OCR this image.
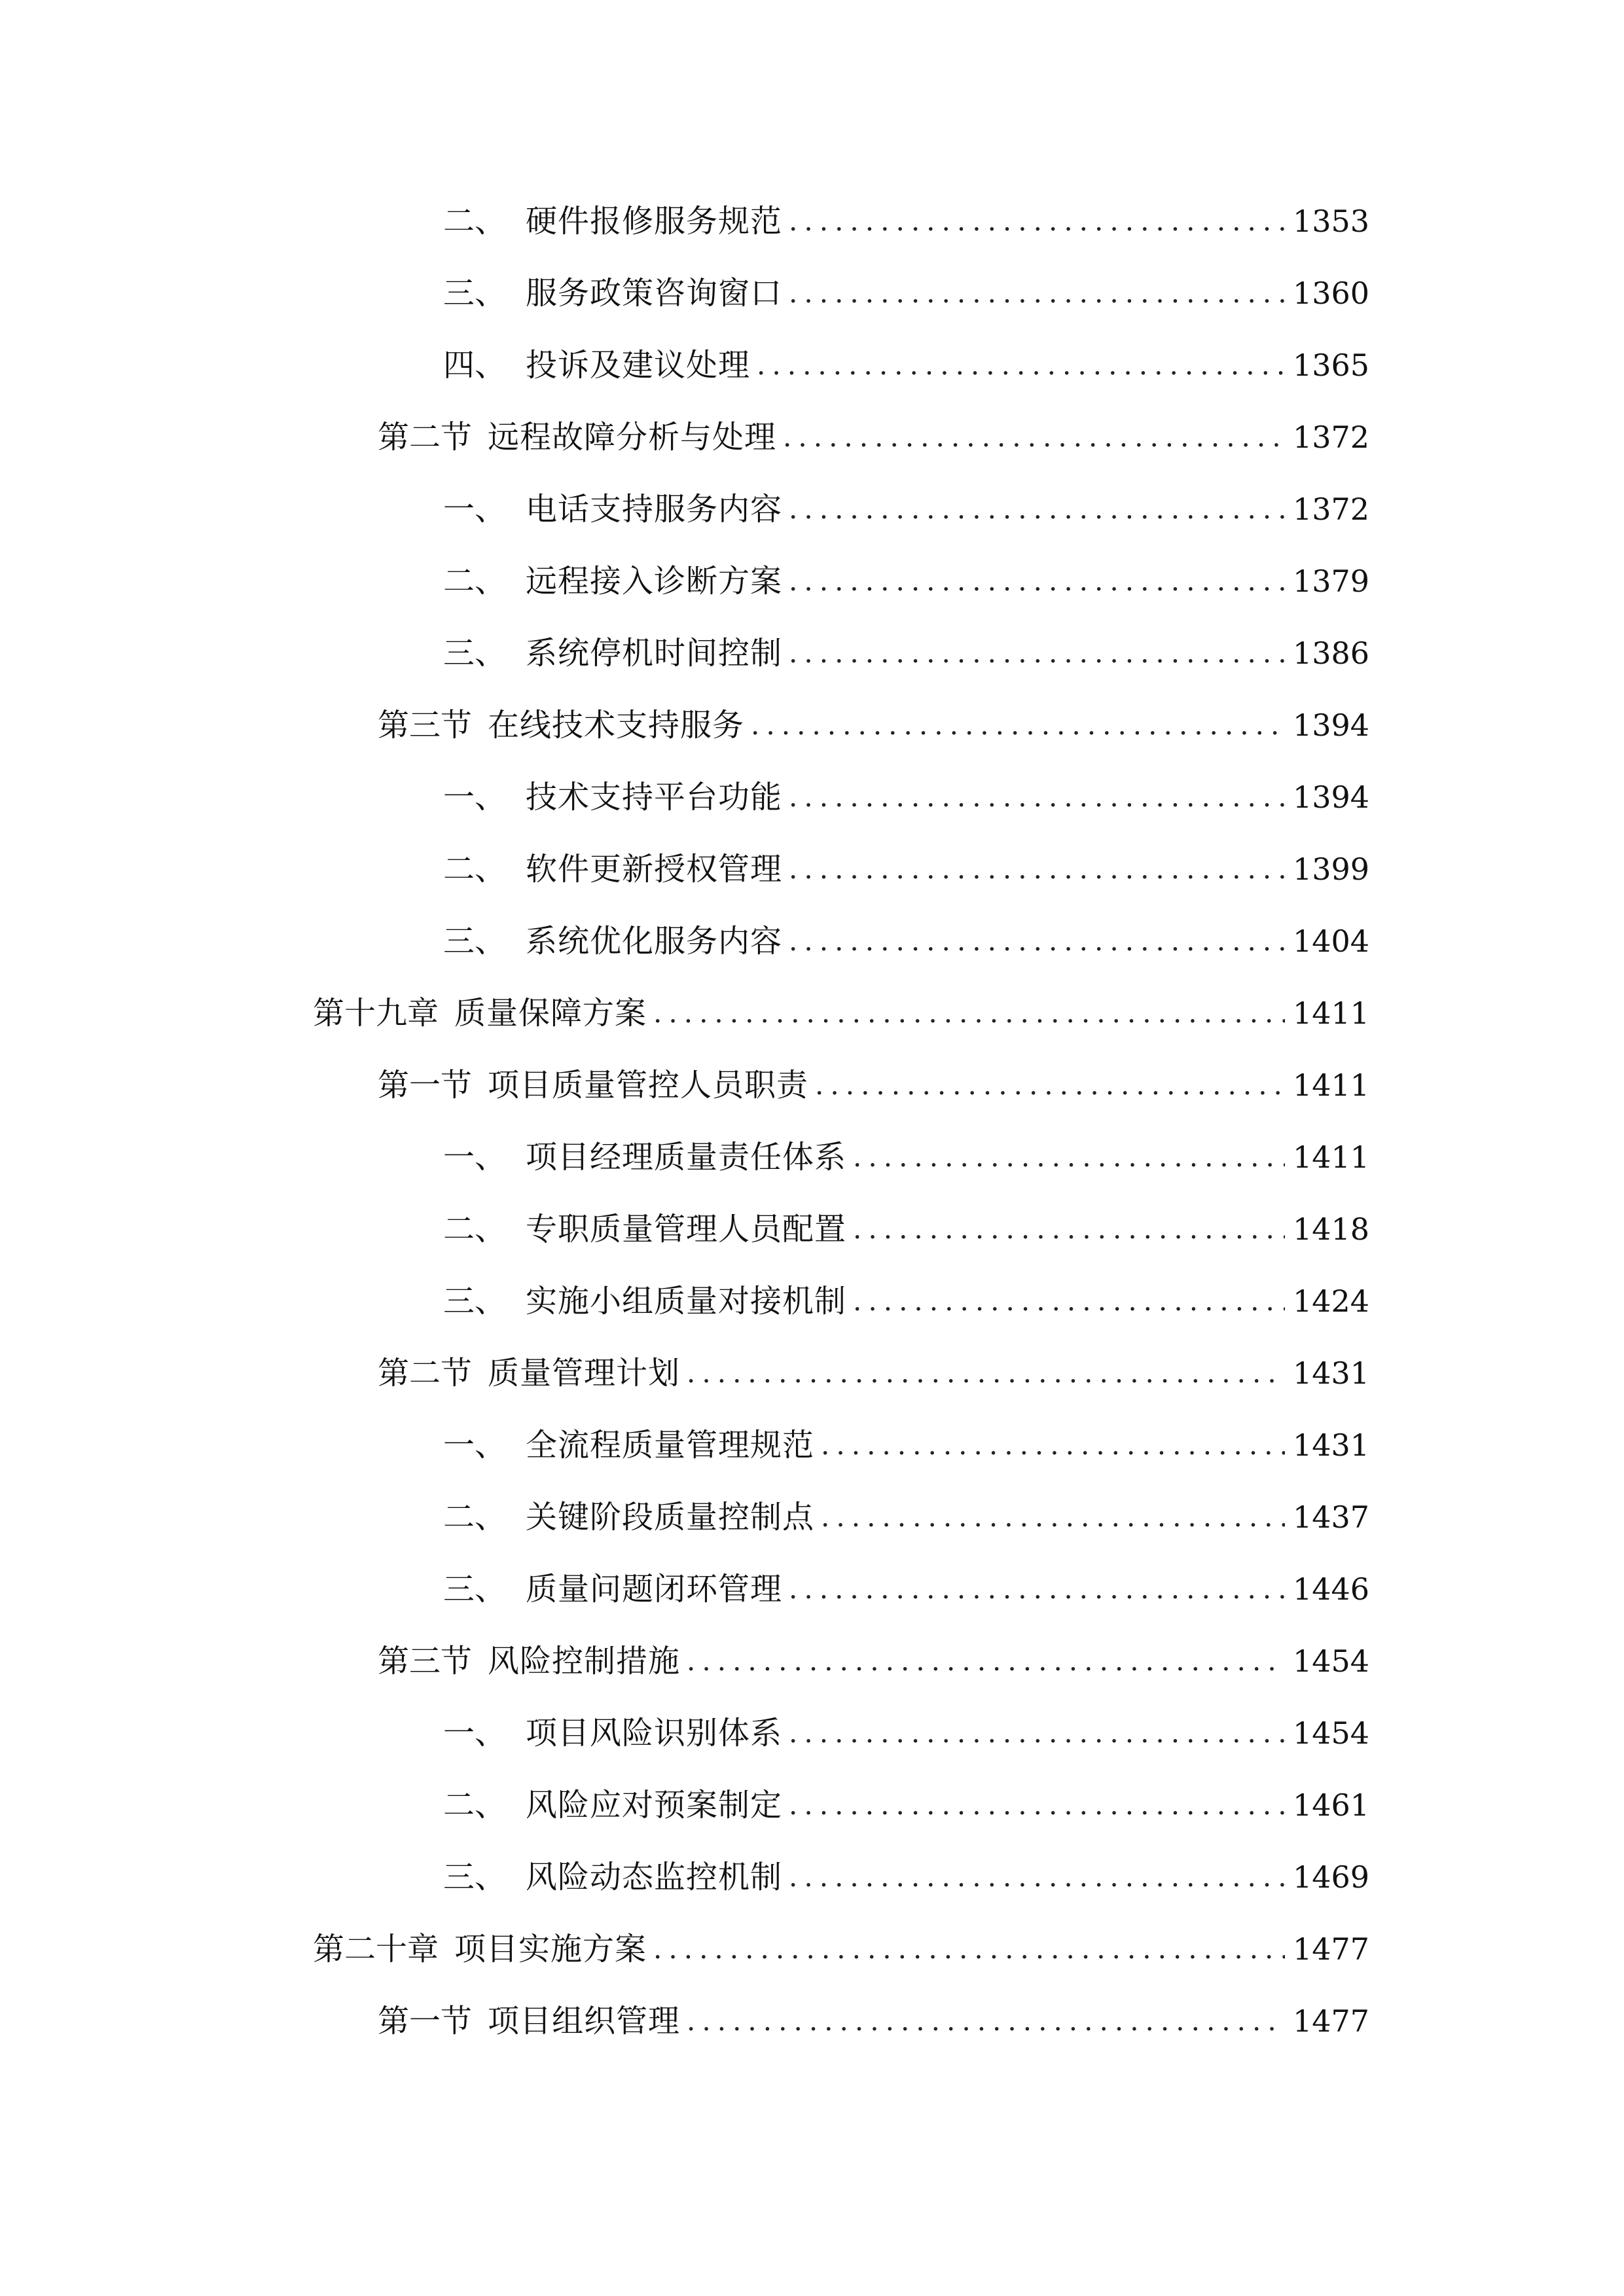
二、 硬件报修服务规范 .....	1353
三、 服务政策咨询窗口 .....	1360
四、 投诉及建议处理 .....	1365
第二节 远程故障分析与处理 .....	1372
一、 电话支持服务内容 .....	1372
二、 远程接入诊断方案 .....	1379
三、 系统停机时间控制 .....	1386
第三节 在线技术支持服务 .....	1394
一、 技术支持平台功能 .....	1394
二、 软件更新授权管理 .....	1399
三、 系统优化服务内容 .....	1404
第十九章 质量保障方案 .....	1411
第一节 项目质量管控人员职责 .....	1411
一、 项目经理质量责任体系 .....	1411
二、 专职质量管理人员配置 .....	1418
三、 实施小组质量对接机制 .....	1424
第二节 质量管理计划 .....	1431
一、 全流程质量管理规范 .....	1431
二、 关键阶段质量控制点 .....	1437
三、 质量问题闭环管理 .....	1446
第三节 风险控制措施 .....	1454
一、 项目风险识别体系 .....	1454
二、 风险应对预案制定 .....	1461
三、 风险动态监控机制 .....	1469
第二十章 项目实施方案 .....	1477
第一节 项目组织管理 .....	1477
